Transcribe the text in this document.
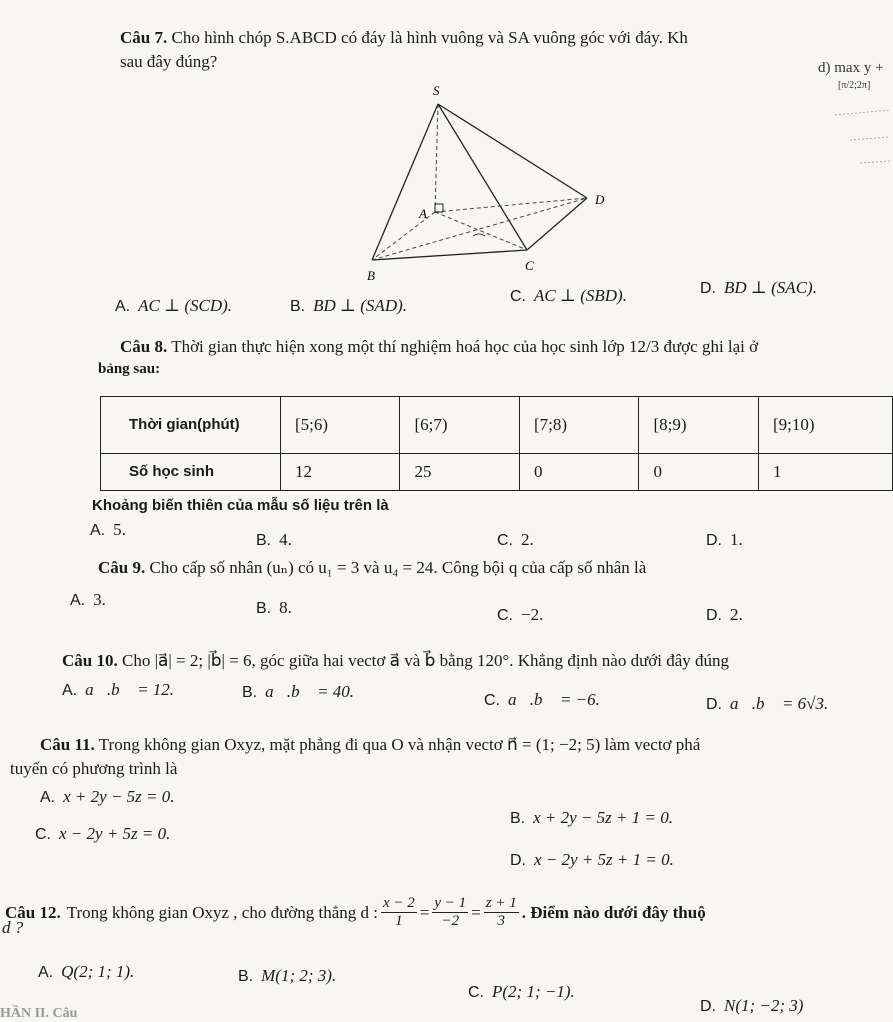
Câu 7. Cho hình chóp S.ABCD có đáy là hình vuông và SA vuông góc với đáy. Kh
sau đây đúng?	d) max y +
[π/2;2π]
S
A
B
C
D
A. AC ⊥ (SCD).	B. BD ⊥ (SAD).	C. AC ⊥ (SBD).	D. BD ⊥ (SAC).
Câu 8. Thời gian thực hiện xong một thí nghiệm hoá học của học sinh lớp 12/3 được ghi lại ở
bảng sau:
Thời gian(phút)	[5;6)	[6;7)	[7;8)	[8;9)	[9;10)
Số học sinh	12	25	0	0	1
Khoảng biến thiên của mẫu số liệu trên là
A. 5.
B. 4.	C. 2.	D. 1.
Câu 9. Cho cấp số nhân (uₙ) có u₁ = 3 và u₄ = 24. Công bội q của cấp số nhân là
A. 3.	B. 8.	C. −2.	D. 2.
Câu 10. Cho |a⃗| = 2; |b⃗| = 6, góc giữa hai vectơ a⃗ và b⃗ bằng 120°. Khẳng định nào dưới đây đúng
A. a⃗.b⃗ = 12.	B. a⃗.b⃗ = 40.	C. a⃗.b⃗ = −6.	D. a⃗.b⃗ = 6√3.
Câu 11. Trong không gian Oxyz, mặt phẳng đi qua O và nhận vectơ n⃗ = (1; −2; 5) làm vectơ phá
tuyến có phương trình là
A. x + 2y − 5z = 0.
B. x + 2y − 5z + 1 = 0.
C. x − 2y + 5z = 0.
D. x − 2y + 5z + 1 = 0.
Câu 12. Trong không gian Oxyz , cho đường thẳng d : $\frac{x - 2}{1} = \frac{y - 1}{-2} = \frac{z + 1}{3}$ . Điểm nào dưới đây thuộ
d ?
A. Q(2; 1; 1).	B. M(1; 2; 3).
C. P(2; 1; −1).
D. N(1; −2; 3)
HẦN II. Câu
